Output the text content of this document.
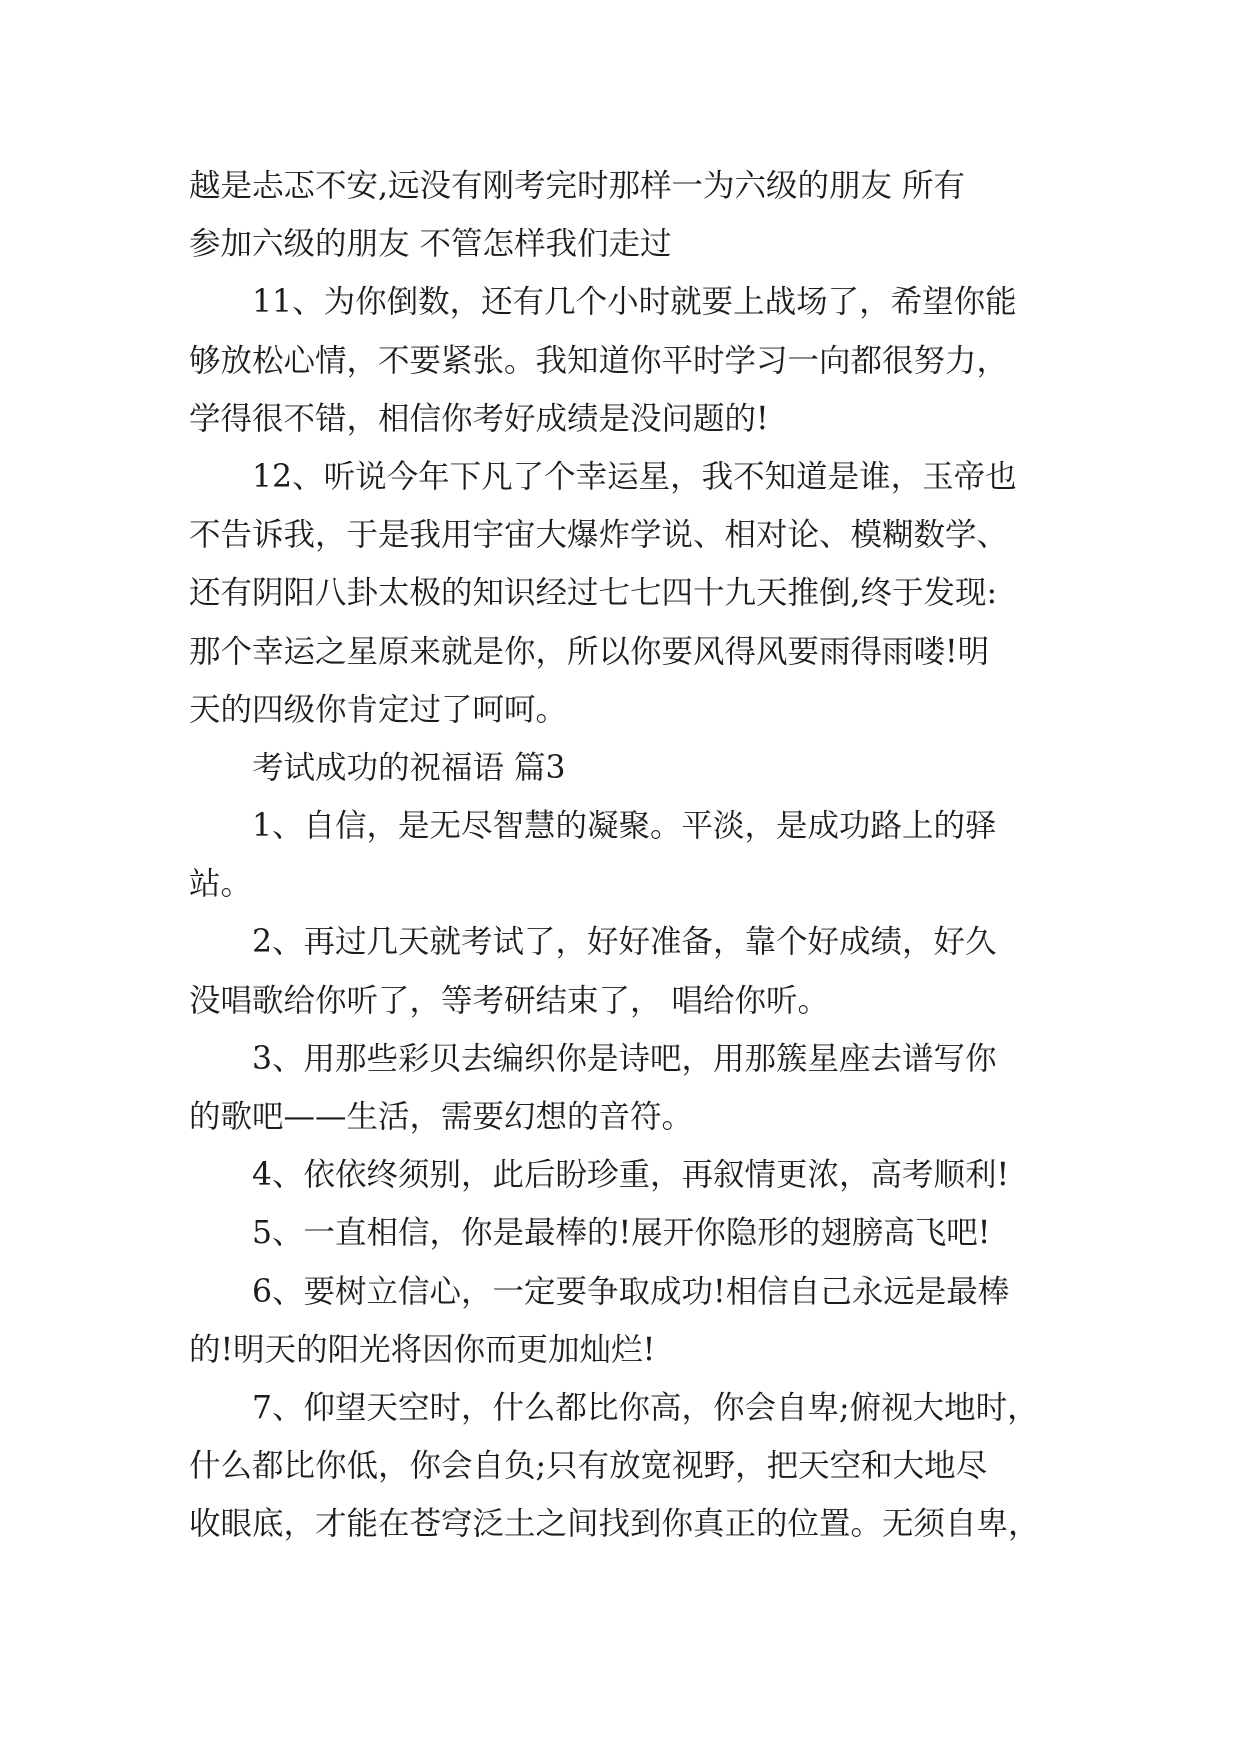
越是忐忑不安,远没有刚考完时那样一为六级的朋友 所有
参加六级的朋友 不管怎样我们走过
11、为你倒数，还有几个小时就要上战场了，希望你能
够放松心情，不要紧张。我知道你平时学习一向都很努力，
学得很不错，相信你考好成绩是没问题的!
12、听说今年下凡了个幸运星，我不知道是谁，玉帝也
不告诉我，于是我用宇宙大爆炸学说、相对论、模糊数学、
还有阴阳八卦太极的知识经过七七四十九天推倒,终于发现:
那个幸运之星原来就是你，所以你要风得风要雨得雨喽!明
天的四级你肯定过了呵呵。
考试成功的祝福语 篇3
1、自信，是无尽智慧的凝聚。平淡，是成功路上的驿
站。
2、再过几天就考试了，好好准备，靠个好成绩，好久
没唱歌给你听了，等考研结束了， 唱给你听。
3、用那些彩贝去编织你是诗吧，用那簇星座去谱写你
的歌吧——生活，需要幻想的音符。
4、依依终须别，此后盼珍重，再叙情更浓，高考顺利!
5、一直相信，你是最棒的!展开你隐形的翅膀高飞吧!
6、要树立信心，一定要争取成功!相信自己永远是最棒
的!明天的阳光将因你而更加灿烂!
7、仰望天空时，什么都比你高，你会自卑;俯视大地时，
什么都比你低，你会自负;只有放宽视野，把天空和大地尽
收眼底，才能在苍穹泛土之间找到你真正的位置。无须自卑，
